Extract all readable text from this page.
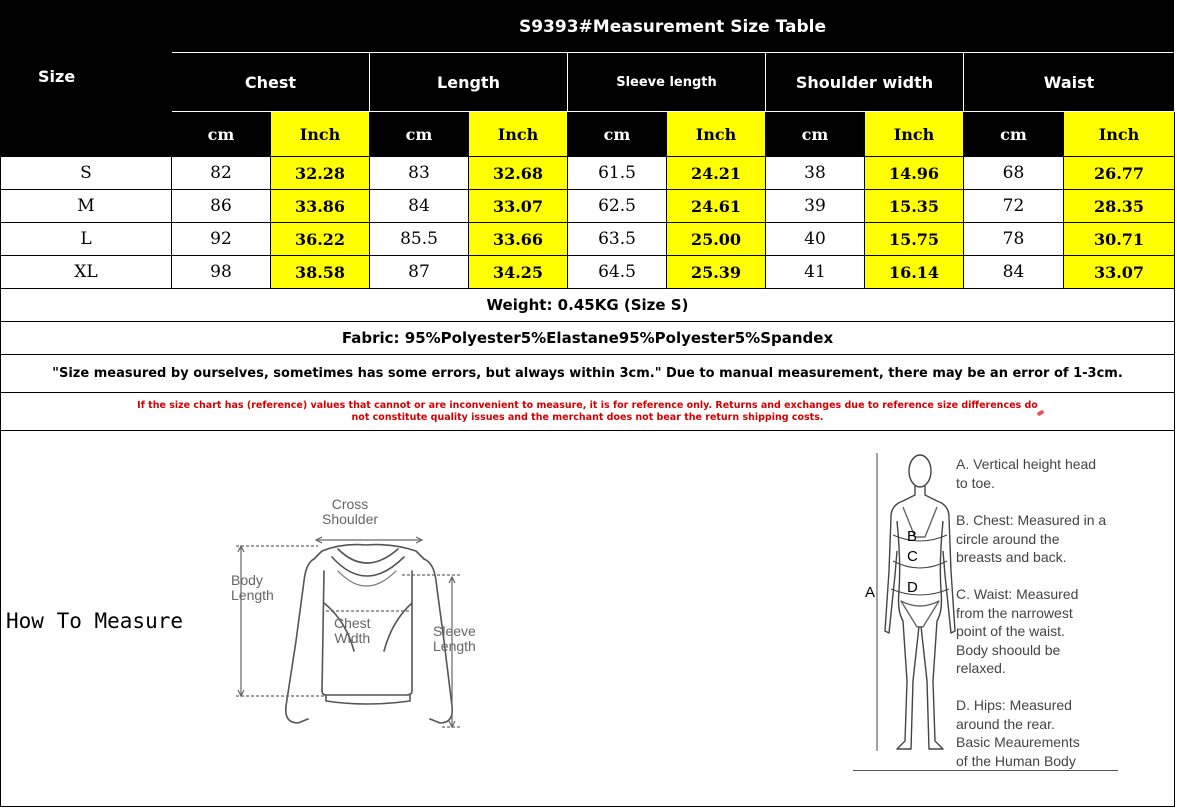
Size
S9393#Measurement Size Table
Chest	Length	Sleeve length	Shoulder width	Waist
cm	Inch	cm	Inch	cm	Inch	cm	Inch	cm	Inch
S	82	32.28	83	32.68	61.5	24.21	38	14.96	68	26.77
M	86	33.86	84	33.07	62.5	24.61	39	15.35	72	28.35
L	92	36.22	85.5	33.66	63.5	25.00	40	15.75	78	30.71
XL	98	38.58	87	34.25	64.5	25.39	41	16.14	84	33.07
Weight: 0.45KG (Size S)
Fabric: 95%Polyester5%Elastane95%Polyester5%Spandex
"Size measured by ourselves, sometimes has some errors, but always within 3cm." Due to manual measurement, there may be an error of 1-3cm.
If the size chart has (reference) values that cannot or are inconvenient to measure, it is for reference only. Returns and exchanges due to reference size differences do not constitute quality issues and the merchant does not bear the return shipping costs.
How To Measure
Cross
Shoulder
Body
Length
Chest
Width	Sleeve
Length
A
B
C
D
A. Vertical height head
to toe.
B. Chest: Measured in a
circle around the
breasts and back.
C. Waist: Measured
from the narrowest
point of the waist.
Body shoould be
relaxed.
D. Hips: Measured
around the rear.
Basic Meaurements
of the Human Body
